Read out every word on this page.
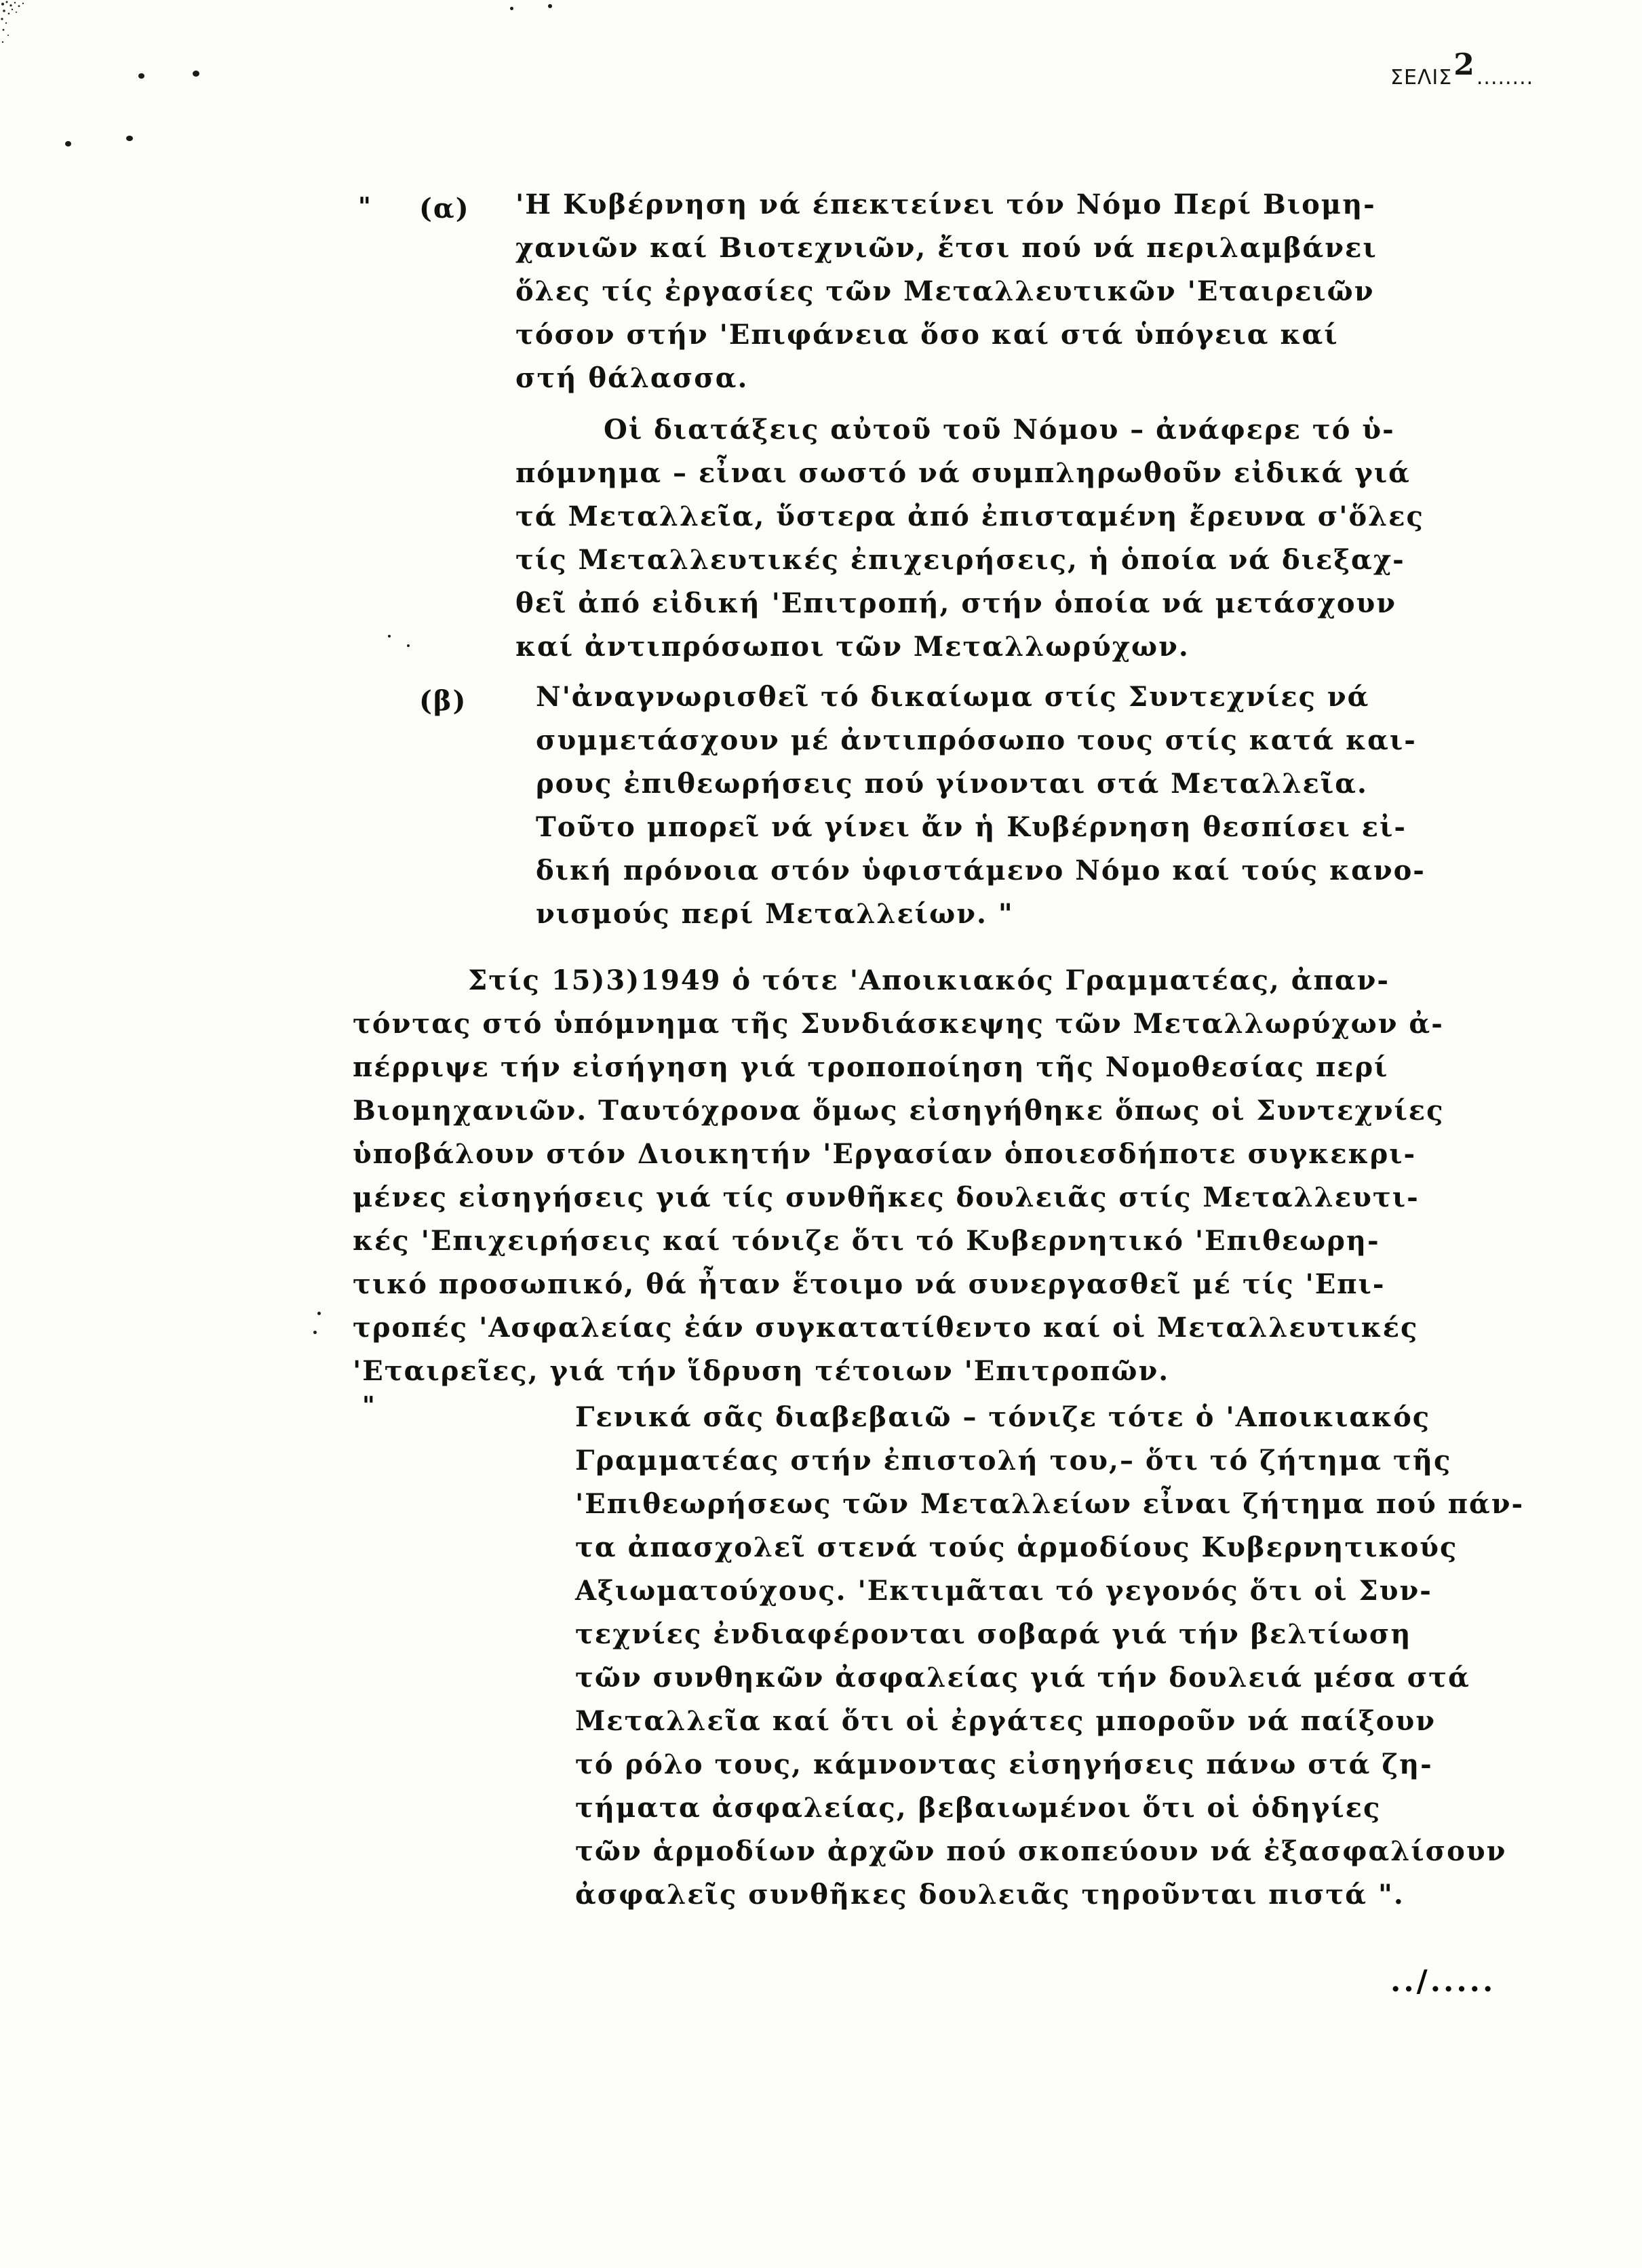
ΣΕΛΙΣ2........
" (α) 'Η Κυβέρνηση νά έπεκτείνει τόν Νόμο Περί Βιομη-
χανιῶν καί Βιοτεχνιῶν, ἔτσι πού νά περιλαμβάνει
ὅλες τίς ἐργασίες τῶν Μεταλλευτικῶν 'Εταιρειῶν
τόσον στήν 'Επιφάνεια ὅσο καί στά ὑπόγεια καί
στή θάλασσα.
Οἱ διατάξεις αὐτοῦ τοῦ Νόμου – ἀνάφερε τό ὑ-
πόμνημα – εἶναι σωστό νά συμπληρωθοῦν εἰδικά γιά
τά Μεταλλεῖα, ὕστερα ἀπό ἐπισταμένη ἔρευνα σ'ὅλες
τίς Μεταλλευτικές ἐπιχειρήσεις, ἡ ὁποία νά διεξαχ-
θεῖ ἀπό εἰδική 'Επιτροπή, στήν ὁποία νά μετάσχουν
καί ἀντιπρόσωποι τῶν Μεταλλωρύχων.
(β)	Ν'ἀναγνωρισθεῖ τό δικαίωμα στίς Συντεχνίες νά
συμμετάσχουν μέ ἀντιπρόσωπο τους στίς κατά και-
ρους ἐπιθεωρήσεις πού γίνονται στά Μεταλλεῖα.
Τοῦτο μπορεῖ νά γίνει ἄν ἡ Κυβέρνηση θεσπίσει εἰ-
δική πρόνοια στόν ὑφιστάμενο Νόμο καί τούς κανο-
νισμούς περί Μεταλλείων. "
Στίς 15)3)1949 ὁ τότε 'Αποικιακός Γραμματέας, ἀπαν-
τόντας στό ὑπόμνημα τῆς Συνδιάσκεψης τῶν Μεταλλωρύχων ἀ-
πέρριψε τήν εἰσήγηση γιά τροποποίηση τῆς Νομοθεσίας περί
Βιομηχανιῶν. Ταυτόχρονα ὅμως εἰσηγήθηκε ὅπως οἱ Συντεχνίες
ὑποβάλουν στόν Διοικητήν 'Εργασίαν ὁποιεσδήποτε συγκεκρι-
μένες εἰσηγήσεις γιά τίς συνθῆκες δουλειᾶς στίς Μεταλλευτι-
κές 'Επιχειρήσεις καί τόνιζε ὅτι τό Κυβερνητικό 'Επιθεωρη-
τικό προσωπικό, θά ἦταν ἕτοιμο νά συνεργασθεῖ μέ τίς 'Επι-
τροπές 'Ασφαλείας ἐάν συγκατατίθεντο καί οἱ Μεταλλευτικές
'Εταιρεῖες, γιά τήν ἵδρυση τέτοιων 'Επιτροπῶν.
"	Γενικά σᾶς διαβεβαιῶ – τόνιζε τότε ὁ 'Αποικιακός
Γραμματέας στήν ἐπιστολή του,– ὅτι τό ζήτημα τῆς
'Επιθεωρήσεως τῶν Μεταλλείων εἶναι ζήτημα πού πάν-
τα ἀπασχολεῖ στενά τούς ἁρμοδίους Κυβερνητικούς
Αξιωματούχους. 'Εκτιμᾶται τό γεγονός ὅτι οἱ Συν-
τεχνίες ἐνδιαφέρονται σοβαρά γιά τήν βελτίωση
τῶν συνθηκῶν ἀσφαλείας γιά τήν δουλειά μέσα στά
Μεταλλεῖα καί ὅτι οἱ ἐργάτες μποροῦν νά παίξουν
τό ρόλο τους, κάμνοντας εἰσηγήσεις πάνω στά ζη-
τήματα ἀσφαλείας, βεβαιωμένοι ὅτι οἱ ὁδηγίες
τῶν ἁρμοδίων ἀρχῶν πού σκοπεύουν νά ἐξασφαλίσουν
ἀσφαλεῖς συνθῆκες δουλειᾶς τηροῦνται πιστά ".
../.....
